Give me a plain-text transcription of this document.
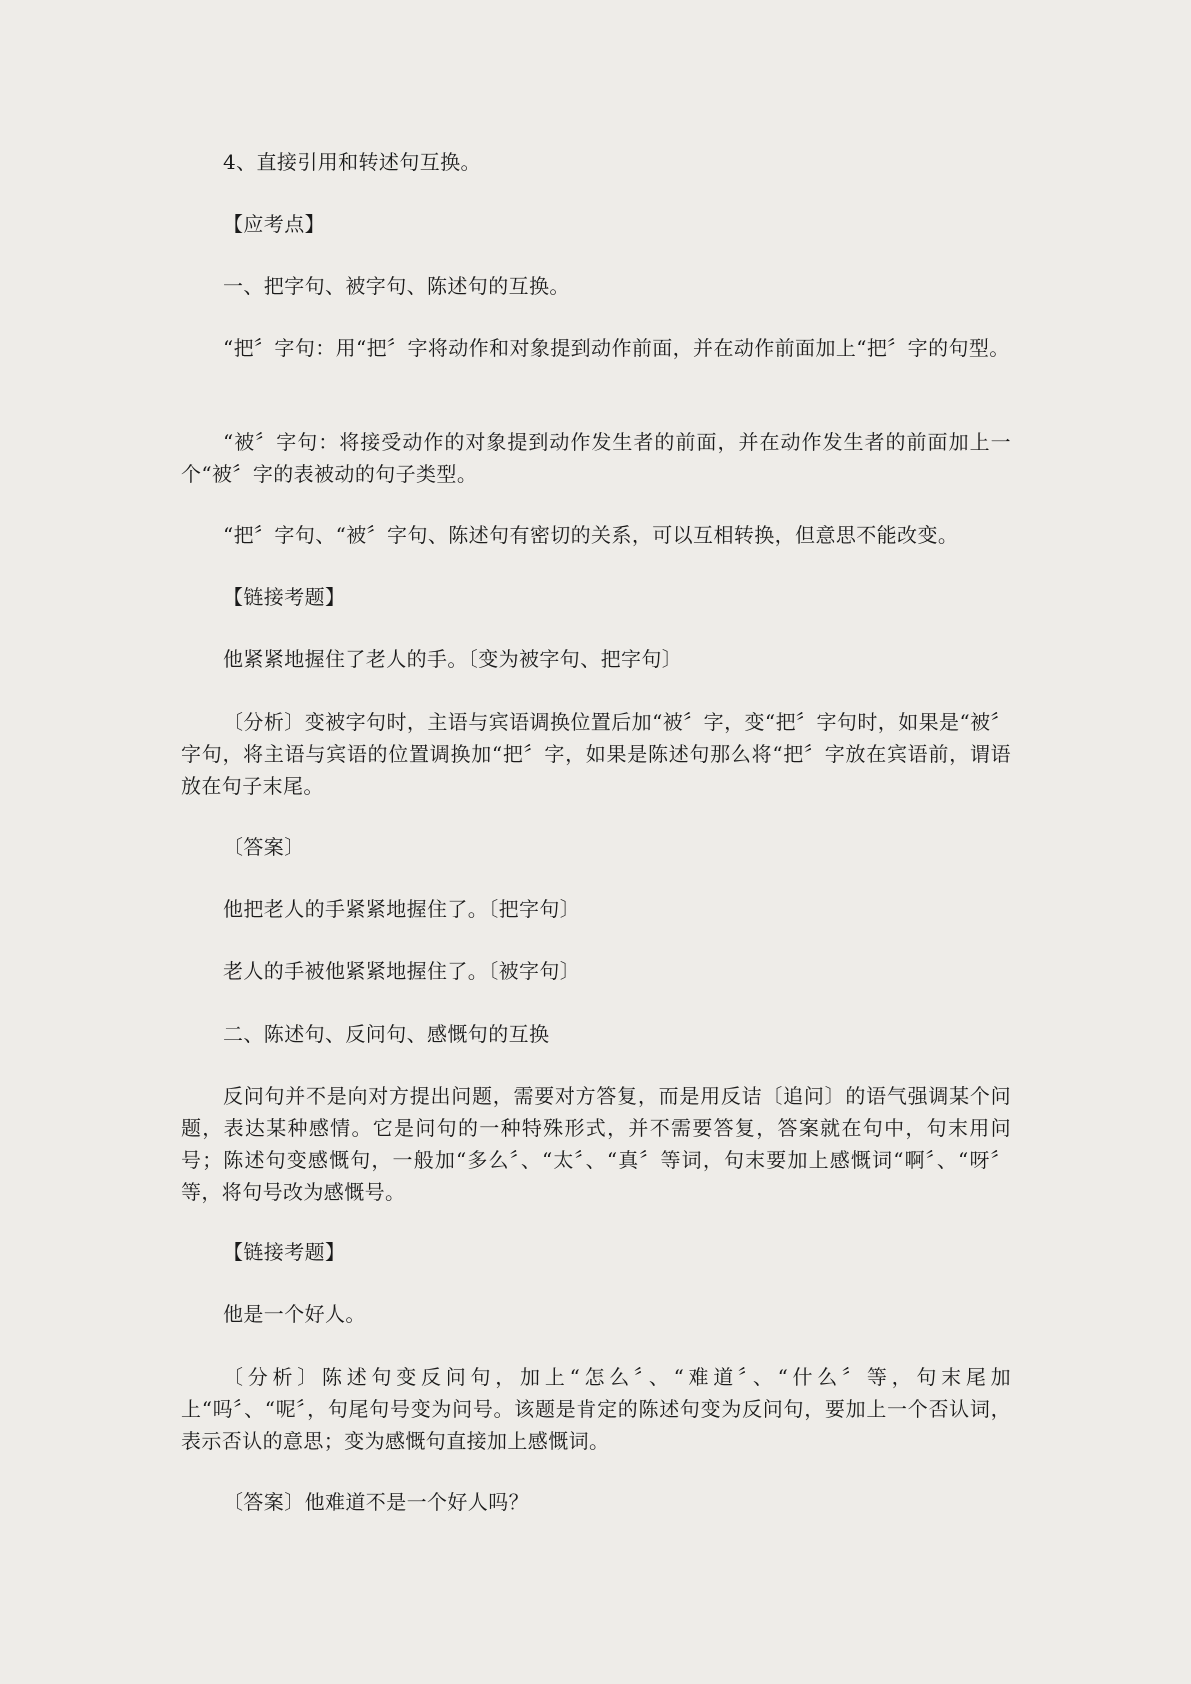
4、直接引用和转述句互换。

【应考点】

一、把字句、被字句、陈述句的互换。

“把〞字句：用“把〞字将动作和对象提到动作前面，并在动作前面加上“把〞字的句型。

“被〞字句：将接受动作的对象提到动作发生者的前面，并在动作发生者的前面加上一个“被〞字的表被动的句子类型。

“把〞字句、“被〞字句、陈述句有密切的关系，可以互相转换，但意思不能改变。

【链接考题】

他紧紧地握住了老人的手。〔变为被字句、把字句〕

〔分析〕变被字句时，主语与宾语调换位置后加“被〞字，变“把〞字句时，如果是“被〞字句，将主语与宾语的位置调换加“把〞字，如果是陈述句那么将“把〞字放在宾语前，谓语放在句子末尾。

〔答案〕

他把老人的手紧紧地握住了。〔把字句〕

老人的手被他紧紧地握住了。〔被字句〕

二、陈述句、反问句、感慨句的互换

反问句并不是向对方提出问题，需要对方答复，而是用反诘〔追问〕的语气强调某个问题，表达某种感情。它是问句的一种特殊形式，并不需要答复，答案就在句中，句末用问号；陈述句变感慨句，一般加“多么〞、“太〞、“真〞等词，句末要加上感慨词“啊〞、“呀〞等，将句号改为感慨号。

【链接考题】

他是一个好人。

〔分析〕陈述句变反问句，加上“怎么〞、“难道〞、“什么〞等，句末尾加上“吗〞、“呢〞，句尾句号变为问号。该题是肯定的陈述句变为反问句，要加上一个否认词，表示否认的意思；变为感慨句直接加上感慨词。

〔答案〕他难道不是一个好人吗？
